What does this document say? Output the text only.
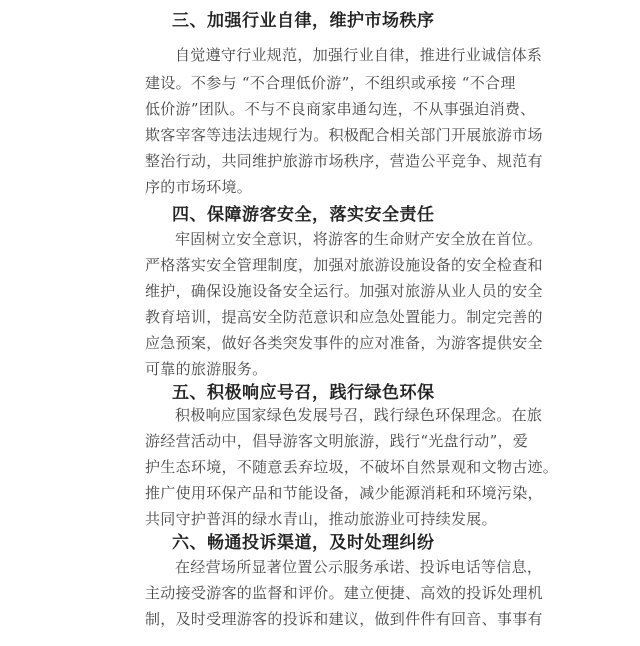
三、加强行业自律，维护市场秩序
自觉遵守行业规范，加强行业自律，推进行业诚信体系
建设。不参与 “不合理低价游”，不组织或承接 “不合理
低价游”团队。不与不良商家串通勾连，不从事强迫消费、
欺客宰客等违法违规行为。积极配合相关部门开展旅游市场
整治行动，共同维护旅游市场秩序，营造公平竞争、规范有
序的市场环境。
四、保障游客安全，落实安全责任
牢固树立安全意识，将游客的生命财产安全放在首位。
严格落实安全管理制度，加强对旅游设施设备的安全检查和
维护，确保设施设备安全运行。加强对旅游从业人员的安全
教育培训，提高安全防范意识和应急处置能力。制定完善的
应急预案，做好各类突发事件的应对准备，为游客提供安全
可靠的旅游服务。
五、积极响应号召，践行绿色环保
积极响应国家绿色发展号召，践行绿色环保理念。在旅
游经营活动中，倡导游客文明旅游，践行“光盘行动”，爱
护生态环境，不随意丢弃垃圾，不破坏自然景观和文物古迹。
推广使用环保产品和节能设备，减少能源消耗和环境污染，
共同守护普洱的绿水青山，推动旅游业可持续发展。
六、畅通投诉渠道，及时处理纠纷
在经营场所显著位置公示服务承诺、投诉电话等信息，
主动接受游客的监督和评价。建立便捷、高效的投诉处理机
制，及时受理游客的投诉和建议，做到件件有回音、事事有
